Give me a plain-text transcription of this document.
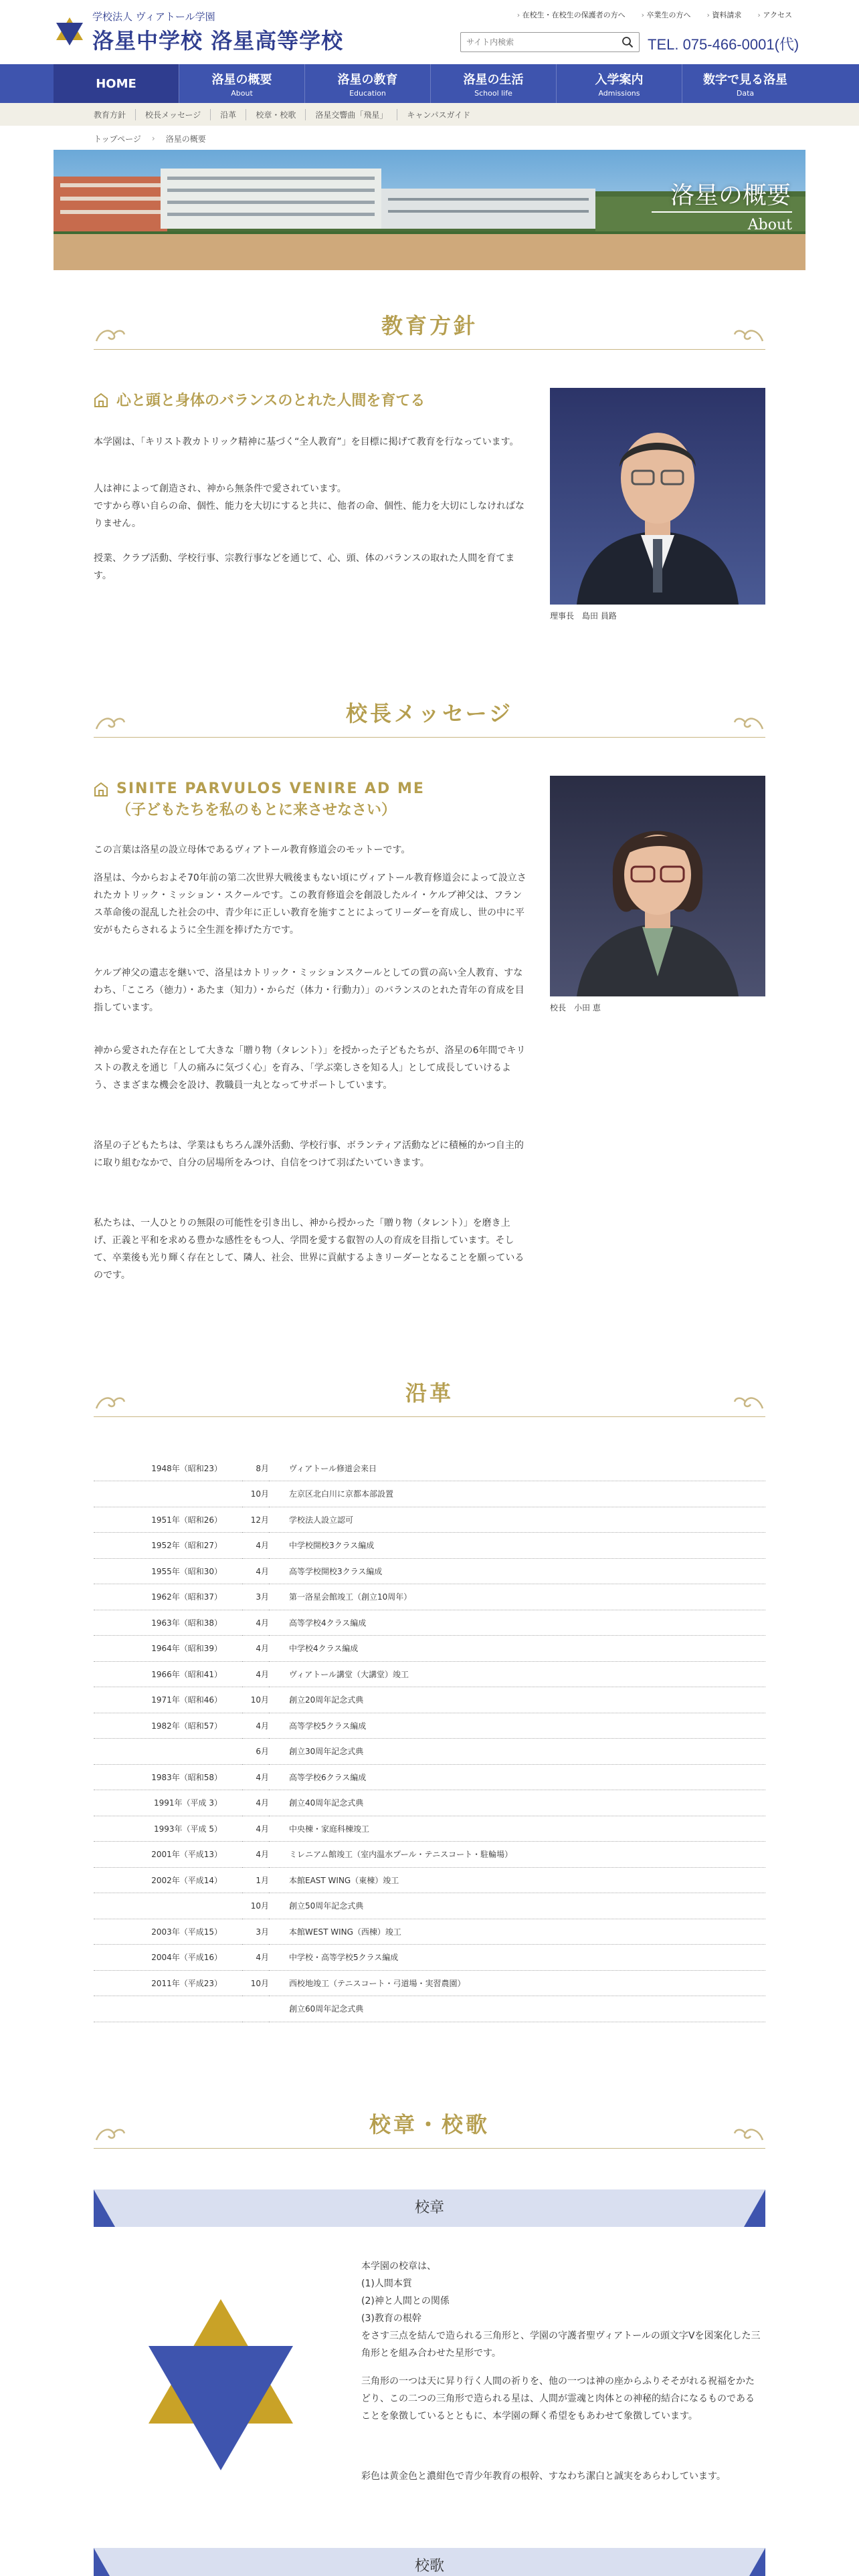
学校法人 ヴィアトール学園
洛星中学校 洛星高等学校
› 在校生・在校生の保護者の方へ	› 卒業生の方へ	› 資料請求	› アクセス
サイト内検索
TEL. 075-466-0001(代)
HOME	洛星の概要
About
洛星の教育
Education
洛星の生活
School life
入学案内
Admissions
数字で見る洛星
Data
教育方針	校長メッセージ	沿革	校章・校歌	洛星交響曲「飛星」	キャンパスガイド
トップページ › 洛星の概要
洛星の概要
About
教育方針
心と頭と身体のバランスのとれた人間を育てる
本学園は、「キリスト教カトリック精神に基づく“全人教育”」を目標に掲げて教育を行なっています。
人は神によって創造され、神から無条件で愛されています。
ですから尊い自らの命、個性、能力を大切にすると共に、他者の命、個性、能力を大切にしなければなりません。
授業、クラブ活動、学校行事、宗教行事などを通じて、心、頭、体のバランスの取れた人間を育てます。
理事長　島田 員路
校長メッセージ
SINITE PARVULOS VENIRE AD ME
（子どもたちを私のもとに来させなさい）
この言葉は洛星の設立母体であるヴィアトール教育修道会のモットーです。
洛星は、今からおよそ70年前の第二次世界大戦後まもない頃にヴィアトール教育修道会によって設立されたカトリック・ミッション・スクールです。この教育修道会を創設したルイ・ケルブ神父は、フランス革命後の混乱した社会の中、青少年に正しい教育を施すことによってリーダーを育成し、世の中に平安がもたらされるように全生涯を捧げた方です。
ケルブ神父の遺志を継いで、洛星はカトリック・ミッションスクールとしての質の高い全人教育、すなわち、「こころ（徳力）・あたま（知力）・からだ（体力・行動力）」のバランスのとれた青年の育成を目指しています。
神から愛された存在として大きな「贈り物（タレント）」を授かった子どもたちが、洛星の6年間でキリストの教えを通じ「人の痛みに気づく心」を育み、「学ぶ楽しさを知る人」として成長していけるよう、さまざまな機会を設け、教職員一丸となってサポートしています。
洛星の子どもたちは、学業はもちろん課外活動、学校行事、ボランティア活動などに積極的かつ自主的に取り組むなかで、自分の居場所をみつけ、自信をつけて羽ばたいていきます。
私たちは、一人ひとりの無限の可能性を引き出し、神から授かった「贈り物（タレント）」を磨き上げ、正義と平和を求める豊かな感性をもつ人、学問を愛する叡智の人の育成を目指しています。そして、卒業後も光り輝く存在として、隣人、社会、世界に貢献するよきリーダーとなることを願っているのです。
校長　小田 恵
沿革
1948年（昭和23）	8月	ヴィアトール修道会来日
	10月	左京区北白川に京都本部設置
1951年（昭和26）	12月	学校法人設立認可
1952年（昭和27）	4月	中学校開校3クラス編成
1955年（昭和30）	4月	高等学校開校3クラス編成
1962年（昭和37）	3月	第一洛星会館竣工（創立10周年）
1963年（昭和38）	4月	高等学校4クラス編成
1964年（昭和39）	4月	中学校4クラス編成
1966年（昭和41）	4月	ヴィアトール講堂（大講堂）竣工
1971年（昭和46）	10月	創立20周年記念式典
1982年（昭和57）	4月	高等学校5クラス編成
	6月	創立30周年記念式典
1983年（昭和58）	4月	高等学校6クラス編成
1991年（平成 3）	4月	創立40周年記念式典
1993年（平成 5）	4月	中央棟・家庭科棟竣工
2001年（平成13）	4月	ミレニアム館竣工（室内温水プール・テニスコート・駐輪場）
2002年（平成14）	1月	本館EAST WING（東棟）竣工
	10月	創立50周年記念式典
2003年（平成15）	3月	本館WEST WING（西棟）竣工
2004年（平成16）	4月	中学校・高等学校5クラス編成
2011年（平成23）	10月	西校地竣工（テニスコート・弓道場・実習農園）
		創立60周年記念式典
校章・校歌
校章
本学園の校章は、
(1)人間本質
(2)神と人間との関係
(3)教育の根幹
をさす三点を結んで造られる三角形と、学園の守護者聖ヴィアトールの頭文字Vを図案化した三角形とを組み合わせた星形です。
三角形の一つは天に昇り行く人間の祈りを、他の一つは神の座からふりそそがれる祝福をかたどり、この二つの三角形で造られる星は、人間が霊魂と肉体との神秘的結合になるものであることを象徴しているとともに、本学園の輝く希望をもあわせて象徴しています。
彩色は黄金色と濃紺色で青少年教育の根幹、すなわち潔白と誠実をあらわしています。
校歌
